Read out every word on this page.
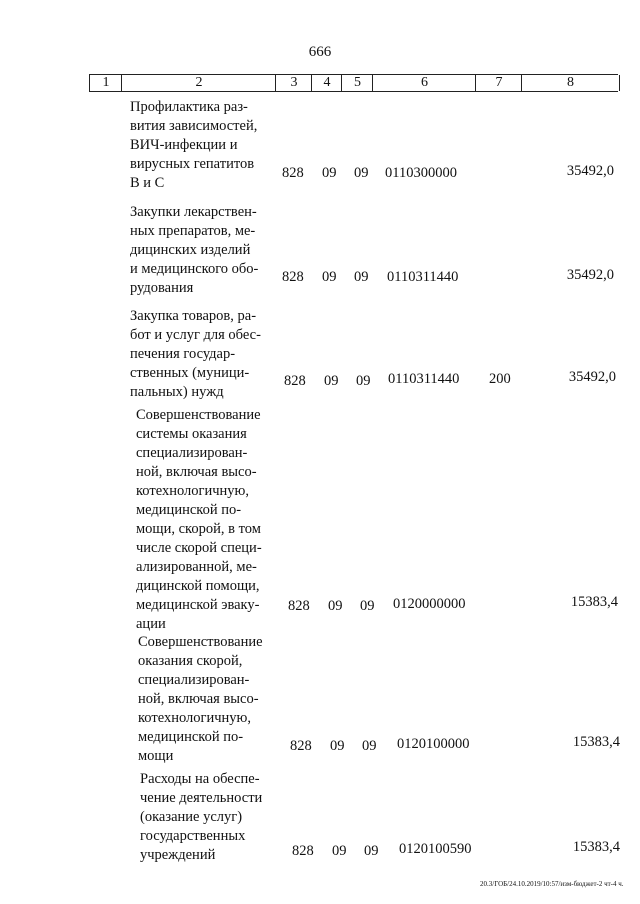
666
1	2	3	4	5	6	7	8
Профилактика раз-
вития зависимостей,
ВИЧ-инфекции и
вирусных гепатитов
В и С
828 09 09 0110300000	35492,0
Закупки лекарствен-
ных препаратов, ме-
дицинских изделий
и медицинского обо-
рудования
828 09 09 0110311440	35492,0
Закупка товаров, ра-
бот и услуг для обес-
печения государ-
ственных (муници-
пальных) нужд
828 09 09 0110311440 200	35492,0
Совершенствование
системы оказания
специализирован-
ной, включая высо-
котехнологичную,
медицинской по-
мощи, скорой, в том
числе скорой специ-
ализированной, ме-
дицинской помощи,
медицинской эваку-
ации
828 09 09 0120000000	15383,4
Совершенствование
оказания скорой,
специализирован-
ной, включая высо-
котехнологичную,
медицинской по-
мощи
828 09 09 0120100000	15383,4
Расходы на обеспе-
чение деятельности
(оказание услуг)
государственных
учреждений	828 09 09 0120100590	15383,4
20.3/ГОБ/24.10.2019/10:57/изм-бюджет-2 чт-4 ч.
